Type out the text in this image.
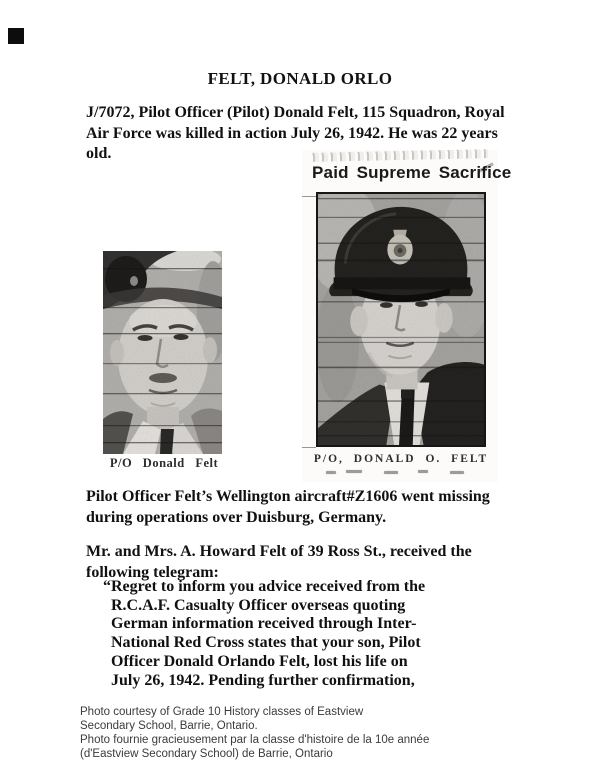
FELT, DONALD ORLO
J/7072, Pilot Officer (Pilot) Donald Felt, 115 Squadron, Royal
Air Force was killed in action July 26, 1942. He was 22 years
old.
P/O Donald Felt
Paid Supreme Sacrifice
P/O, DONALD O. FELT
Pilot Officer Felt’s Wellington aircraft#Z1606 went missing
during operations over Duisburg, Germany.
Mr. and Mrs. A. Howard Felt of 39 Ross St., received the
following telegram:
“Regret to inform you advice received from the
R.C.A.F. Casualty Officer overseas quoting
German information received through Inter-
National Red Cross states that your son, Pilot
Officer Donald Orlando Felt, lost his life on
July 26, 1942. Pending further confirmation,
Photo courtesy of Grade 10 History classes of Eastview
Secondary School, Barrie, Ontario.
Photo fournie gracieusement par la classe d'histoire de la 10e année
(d'Eastview Secondary School) de Barrie, Ontario
